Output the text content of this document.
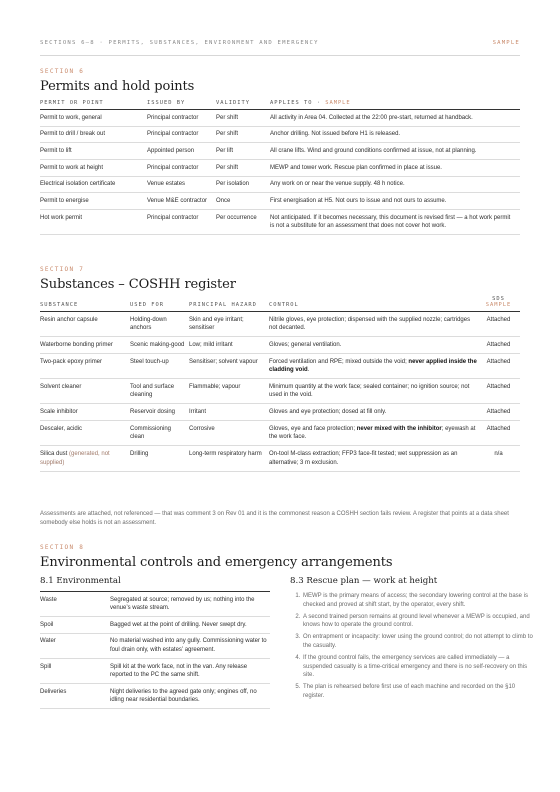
SECTIONS 6–8 · PERMITS, SUBSTANCES, ENVIRONMENT AND EMERGENCY	SAMPLE
SECTION 6
Permits and hold points
PERMIT OR POINT	ISSUED BY	VALIDITY	APPLIES TO · SAMPLE
Permit to work, general	Principal contractor	Per shift	All activity in Area 04. Collected at the 22:00 pre-start, returned at handback.
Permit to drill / break out	Principal contractor	Per shift	Anchor drilling. Not issued before H1 is released.
Permit to lift	Appointed person	Per lift	All crane lifts. Wind and ground conditions confirmed at issue, not at planning.
Permit to work at height	Principal contractor	Per shift	MEWP and tower work. Rescue plan confirmed in place at issue.
Electrical isolation certificate	Venue estates	Per isolation	Any work on or near the venue supply. 48 h notice.
Permit to energise	Venue M&E contractor	Once	First energisation at H5. Not ours to issue and not ours to assume.
Hot work permit	Principal contractor	Per occurrence	Not anticipated. If it becomes necessary, this document is revised first — a hot work permit is not a substitute for an assessment that does not cover hot work.
SECTION 7
Substances – COSHH register
SUBSTANCE	USED FOR	PRINCIPAL HAZARD	CONTROL	SDS
SAMPLE
Resin anchor capsule	Holding-down anchors	Skin and eye irritant; sensitiser	Nitrile gloves, eye protection; dispensed with the supplied nozzle; cartridges not decanted.	Attached
Waterborne bonding primer	Scenic making-good	Low; mild irritant	Gloves; general ventilation.	Attached
Two-pack epoxy primer	Steel touch-up	Sensitiser; solvent vapour	Forced ventilation and RPE; mixed outside the void; never applied inside the cladding void.	Attached
Solvent cleaner	Tool and surface cleaning	Flammable; vapour	Minimum quantity at the work face; sealed container; no ignition source; not used in the void.	Attached
Scale inhibitor	Reservoir dosing	Irritant	Gloves and eye protection; dosed at fill only.	Attached
Descaler, acidic	Commissioning clean	Corrosive	Gloves, eye and face protection; never mixed with the inhibitor; eyewash at the work face.	Attached
Silica dust (generated, not supplied)	Drilling	Long-term respiratory harm	On-tool M-class extraction; FFP3 face-fit tested; wet suppression as an alternative; 3 m exclusion.	n/a
Assessments are attached, not referenced — that was comment 3 on Rev 01 and it is the commonest reason a COSHH section fails review. A register that points at a data sheet somebody else holds is not an assessment.
SECTION 8
Environmental controls and emergency arrangements
8.1 Environmental
Waste	Segregated at source; removed by us; nothing into the venue’s waste stream.
Spoil	Bagged wet at the point of drilling. Never swept dry.
Water	No material washed into any gully. Commissioning water to foul drain only, with estates’ agreement.
Spill	Spill kit at the work face, not in the van. Any release reported to the PC the same shift.
Deliveries	Night deliveries to the agreed gate only; engines off, no idling near residential boundaries.
8.3 Rescue plan — work at height
1. MEWP is the primary means of access; the secondary lowering control at the base is checked and proved at shift start, by the operator, every shift.
2. A second trained person remains at ground level whenever a MEWP is occupied, and knows how to operate the ground control.
3. On entrapment or incapacity: lower using the ground control; do not attempt to climb to the casualty.
4. If the ground control fails, the emergency services are called immediately — a suspended casualty is a time-critical emergency and there is no self-recovery on this site.
5. The plan is rehearsed before first use of each machine and recorded on the §10 register.
